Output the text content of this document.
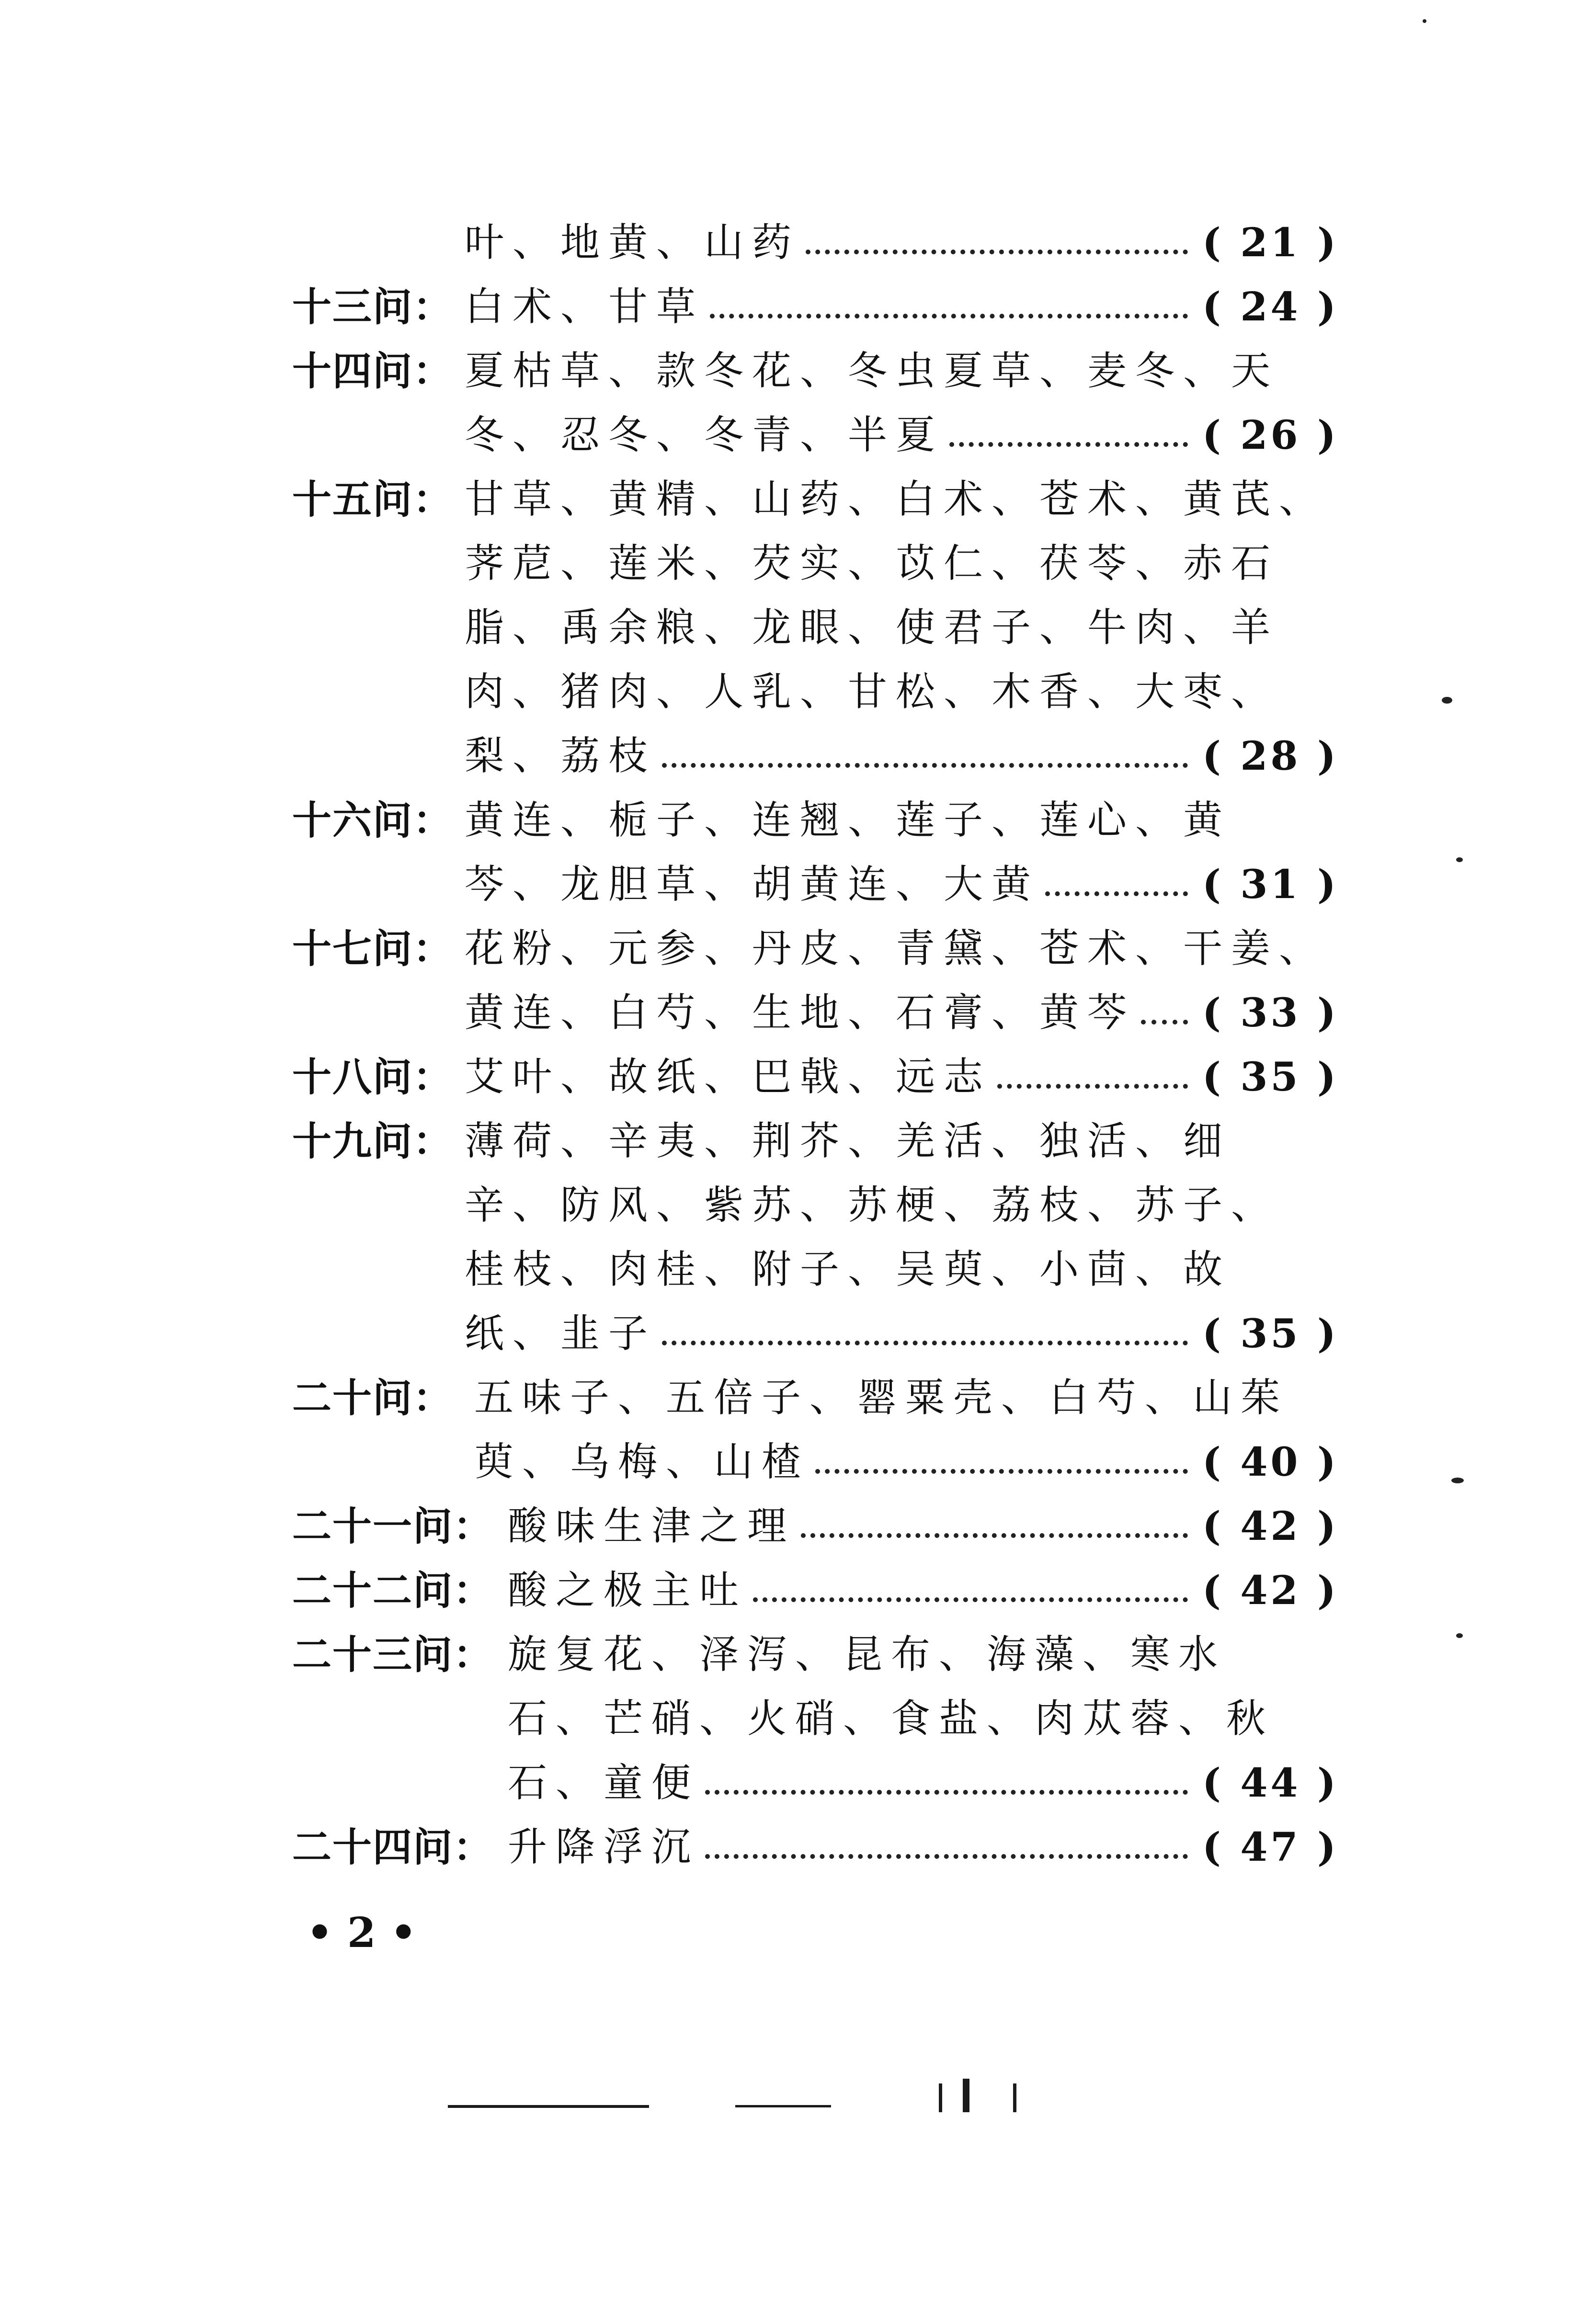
叶、地黄、山药	( 21 )
十三问： 白术、甘草	( 24 )
十四问： 夏枯草、款冬花、冬虫夏草、麦冬、天
冬、忍冬、冬青、半夏	( 26 )
十五问： 甘草、黄精、山药、白术、苍术、黄芪、
荠苨、莲米、芡实、苡仁、茯苓、赤石
脂、禹余粮、龙眼、使君子、牛肉、羊
肉、猪肉、人乳、甘松、木香、大枣、
梨、荔枝	( 28 )
十六问： 黄连、栀子、连翘、莲子、莲心、黄
芩、龙胆草、胡黄连、大黄	( 31 )
十七问： 花粉、元参、丹皮、青黛、苍术、干姜、
黄连、白芍、生地、石膏、黄芩 ( 33 )
十八问： 艾叶、故纸、巴戟、远志	( 35 )
十九问： 薄荷、辛夷、荆芥、羌活、独活、细
辛、防风、紫苏、苏梗、荔枝、苏子、
桂枝、肉桂、附子、吴萸、小茴、故
纸、韭子	( 35 )
二十问： 五味子、五倍子、罂粟壳、白芍、山茱
萸、乌梅、山楂	( 40 )
二十一问： 酸味生津之理	( 42 )
二十二问： 酸之极主吐	( 42 )
二十三问： 旋复花、泽泻、昆布、海藻、寒水
石、芒硝、火硝、食盐、肉苁蓉、秋
石、童便	( 44 )
二十四问： 升降浮沉	( 47 )
• 2 •
